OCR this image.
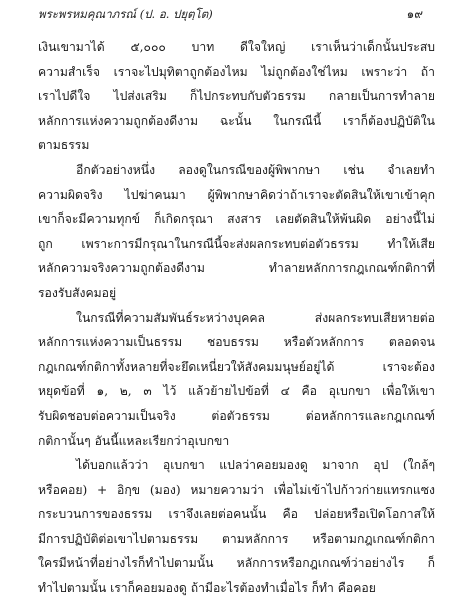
พระพรหมคุณาภรณ์ (ป. อ. ปยุตฺโต)	๑๙
เงินเขามาได้ ๕,๐๐๐ บาท ดีใจใหญ่ เราเห็นว่าเด็กนั้นประสบ
ความสำเร็จ เราจะไปมุทิตาถูกต้องไหม ไม่ถูกต้องใช่ไหม เพราะว่า ถ้า
เราไปดีใจ ไปส่งเสริม ก็ไปกระทบกับตัวธรรม กลายเป็นการทำลาย
หลักการแห่งความถูกต้องดีงาม ฉะนั้น ในกรณีนี้ เราก็ต้องปฏิบัติใน
ตามธรรม
อีกตัวอย่างหนึ่ง ลองดูในกรณีของผู้พิพากษา เช่น จำเลยทำ
ความผิดจริง ไปฆ่าคนมา ผู้พิพากษาคิดว่าถ้าเราจะตัดสินให้เขาเข้าคุก
เขาก็จะมีความทุกข์ ก็เกิดกรุณา สงสาร เลยตัดสินให้พ้นผิด อย่างนี้ไม่
ถูก เพราะการมีกรุณาในกรณีนี้จะส่งผลกระทบต่อตัวธรรม ทำให้เสีย
หลักความจริงความถูกต้องดีงาม ทำลายหลักการกฎเกณฑ์กติกาที่
รองรับสังคมอยู่
ในกรณีที่ความสัมพันธ์ระหว่างบุคคล ส่งผลกระทบเสียหายต่อ
หลักการแห่งความเป็นธรรม ชอบธรรม หรือตัวหลักการ ตลอดจน
กฎเกณฑ์กติกาทั้งหลายที่จะยึดเหนี่ยวให้สังคมมนุษย์อยู่ได้ เราจะต้อง
หยุดข้อที่ ๑, ๒, ๓ ไว้ แล้วย้ายไปข้อที่ ๔ คือ อุเบกขา เพื่อให้เขา
รับผิดชอบต่อความเป็นจริง ต่อตัวธรรม ต่อหลักการและกฎเกณฑ์
กติกานั้นๆ อันนี้แหละเรียกว่าอุเบกขา
ได้บอกแล้วว่า อุเบกขา แปลว่าคอยมองดู มาจาก อุป (ใกล้ๆ
หรือคอย) + อิกฺข (มอง) หมายความว่า เพื่อไม่เข้าไปก้าวก่ายแทรกแซง
กระบวนการของธรรม เราจึงเลยต่อคนนั้น คือ ปล่อยหรือเปิดโอกาสให้
มีการปฏิบัติต่อเขาไปตามธรรม ตามหลักการ หรือตามกฎเกณฑ์กติกา
ใครมีหน้าที่อย่างไรก็ทำไปตามนั้น หลักการหรือกฎเกณฑ์ว่าอย่างไร ก็
ทำไปตามนั้น เราก็คอยมองดู ถ้ามีอะไรต้องทำเมื่อไร ก็ทำ คือคอย
